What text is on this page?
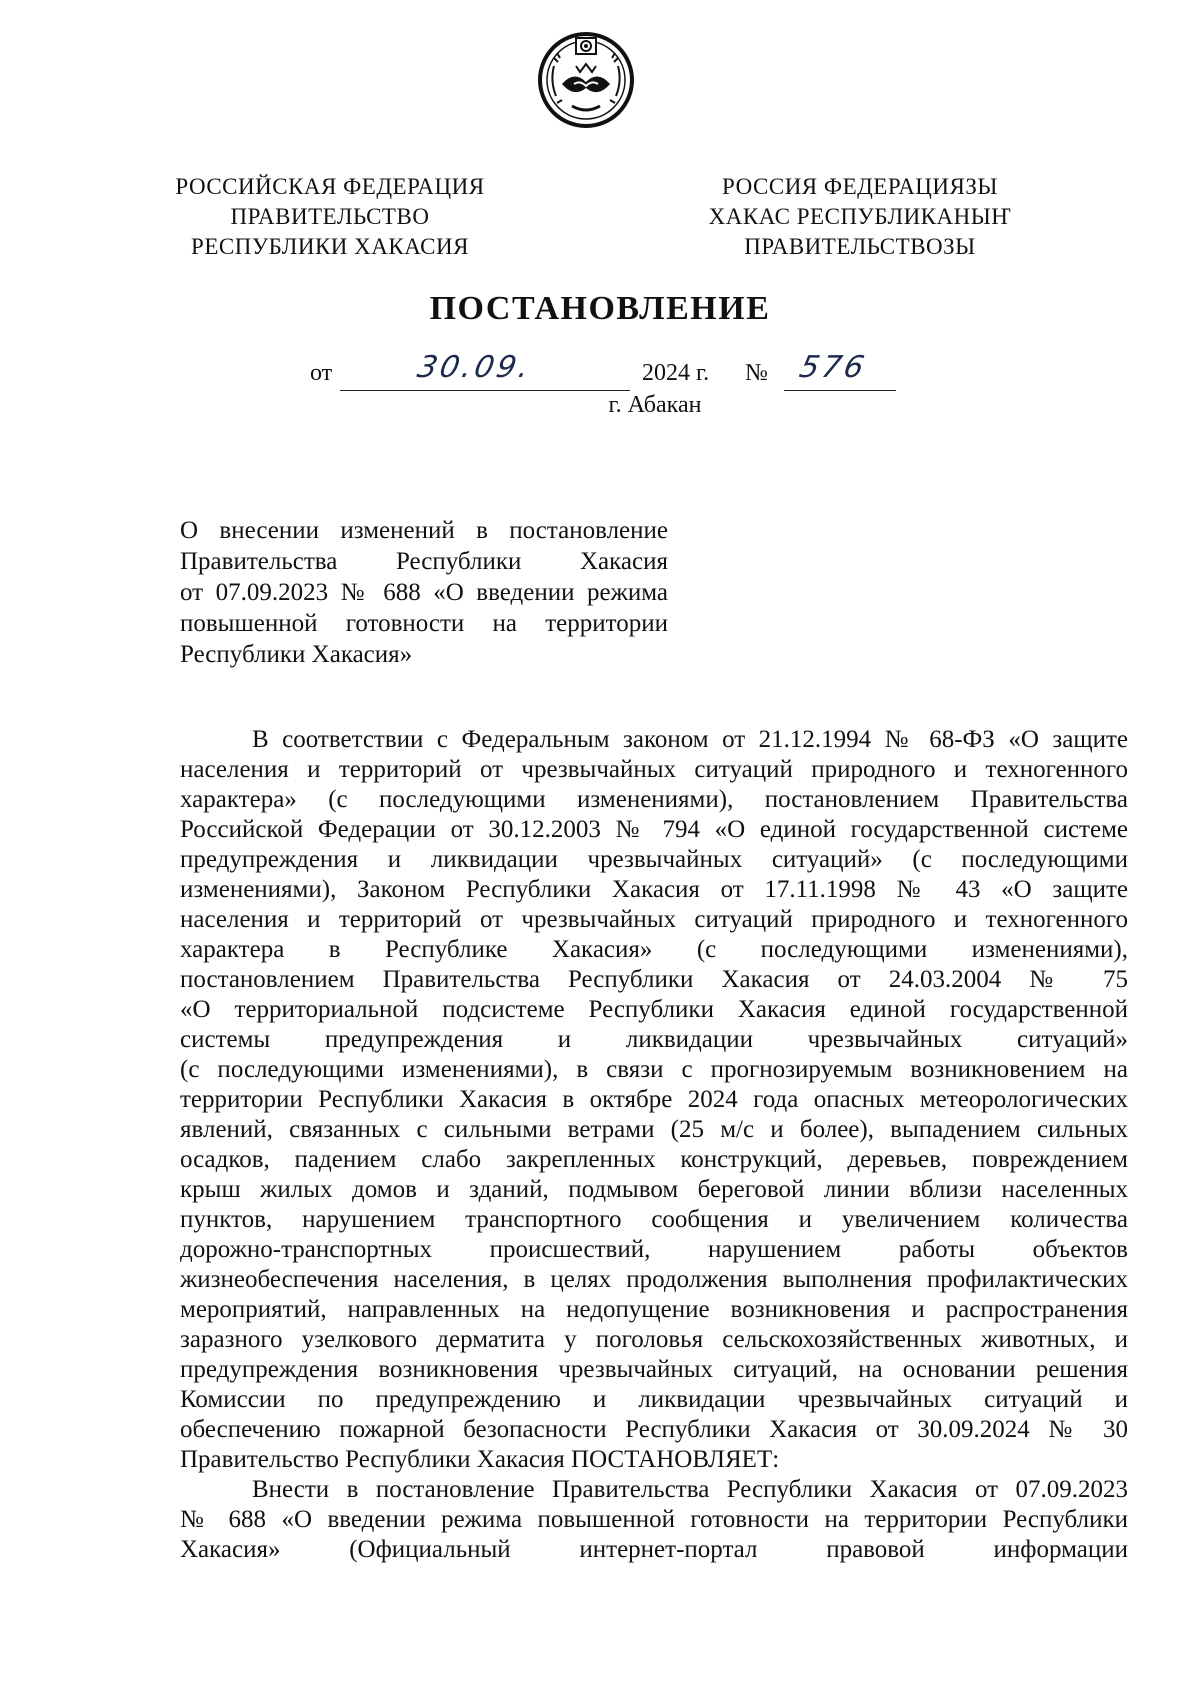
РОССИЙСКАЯ ФЕДЕРАЦИЯ
ПРАВИТЕЛЬСТВО
РЕСПУБЛИКИ ХАКАСИЯ
РОССИЯ ФЕДЕРАЦИЯЗЫ
ХАКАС РЕСПУБЛИКАНЫҤ
ПРАВИТЕЛЬСТВОЗЫ
ПОСТАНОВЛЕНИЕ
от	30.09.	2024 г. № 576
г. Абакан
О внесении изменений в постановление
Правительства Республики Хакасия
от 07.09.2023 № 688 «О введении режима
повышенной готовности на территории
Республики Хакасия»
В соответствии с Федеральным законом от 21.12.1994 № 68-ФЗ «О защите
населения и территорий от чрезвычайных ситуаций природного и техногенного
характера» (с последующими изменениями), постановлением Правительства
Российской Федерации от 30.12.2003 № 794 «О единой государственной системе
предупреждения и ликвидации чрезвычайных ситуаций» (с последующими
изменениями), Законом Республики Хакасия от 17.11.1998 № 43 «О защите
населения и территорий от чрезвычайных ситуаций природного и техногенного
характера в Республике Хакасия» (с последующими изменениями),
постановлением Правительства Республики Хакасия от 24.03.2004 № 75
«О территориальной подсистеме Республики Хакасия единой государственной
системы предупреждения и ликвидации чрезвычайных ситуаций»
(с последующими изменениями), в связи с прогнозируемым возникновением на
территории Республики Хакасия в октябре 2024 года опасных метеорологических
явлений, связанных с сильными ветрами (25 м/с и более), выпадением сильных
осадков, падением слабо закрепленных конструкций, деревьев, повреждением
крыш жилых домов и зданий, подмывом береговой линии вблизи населенных
пунктов, нарушением транспортного сообщения и увеличением количества
дорожно-транспортных происшествий, нарушением работы объектов
жизнеобеспечения населения, в целях продолжения выполнения профилактических
мероприятий, направленных на недопущение возникновения и распространения
заразного узелкового дерматита у поголовья сельскохозяйственных животных, и
предупреждения возникновения чрезвычайных ситуаций, на основании решения
Комиссии по предупреждению и ликвидации чрезвычайных ситуаций и
обеспечению пожарной безопасности Республики Хакасия от 30.09.2024 № 30
Правительство Республики Хакасия ПОСТАНОВЛЯЕТ:
Внести в постановление Правительства Республики Хакасия от 07.09.2023
№ 688 «О введении режима повышенной готовности на территории Республики
Хакасия» (Официальный интернет-портал правовой информации
